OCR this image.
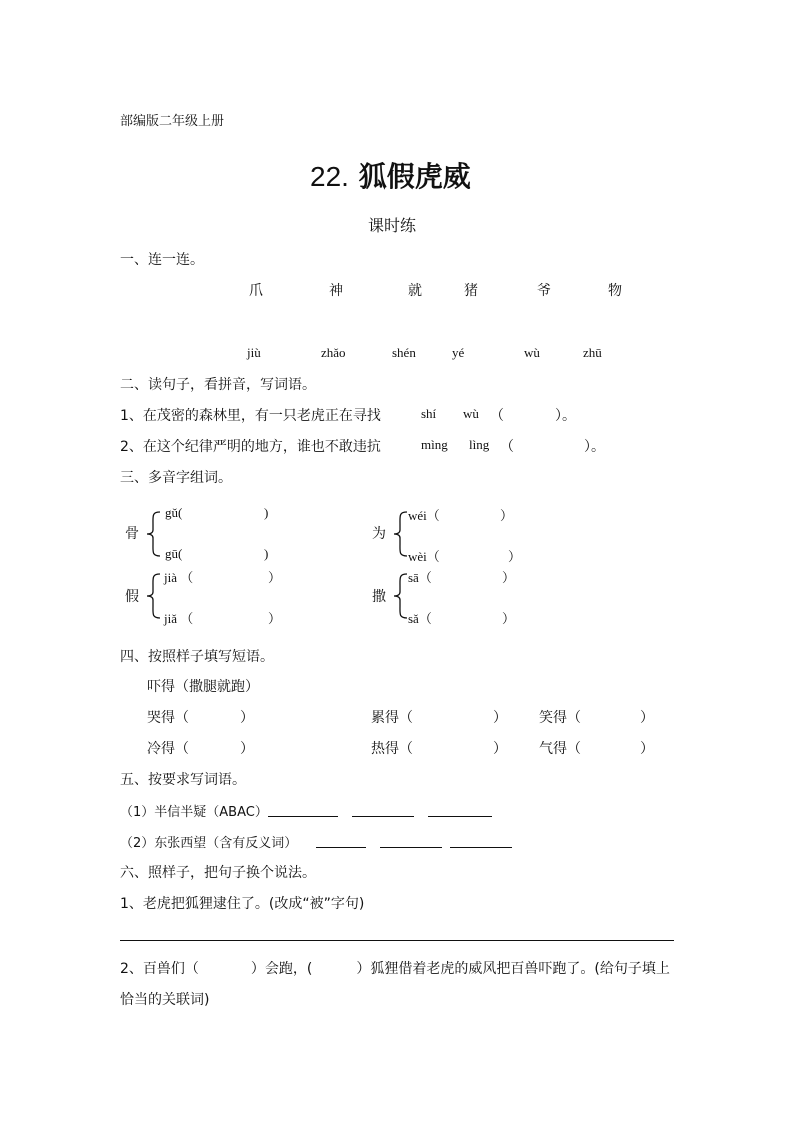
部编版二年级上册
22. 狐假虎威
课时练
一、连一连。
爪	神	就	猪	爷	物
jiù	zhǎo	shén	yé	wù	zhū
二、读句子，看拼音，写词语。
1、在茂密的森林里，有一只老虎正在寻找	shí wù （	）。
2、在这个纪律严明的地方，谁也不敢违抗	mìng lìng （	）。
三、多音字组词。
骨
gǔ(	)
gū(	)
为
wéi（	）
wèi（	）
假
jià （	）
jiǎ （	）
撒
sā（	）
sǎ（	）
四、按照样子填写短语。
吓得（撒腿就跑）
哭得（	）	累得（	） 笑得（	）
冷得（	）	热得（	） 气得（	）
五、按要求写词语。
（1）半信半疑（ABAC）
（2）东张西望（含有反义词）
六、照样子，把句子换个说法。
1、老虎把狐狸逮住了。(改成“被”字句)
2、百兽们（	）会跑，(	）狐狸借着老虎的威风把百兽吓跑了。(给句子填上
恰当的关联词)
